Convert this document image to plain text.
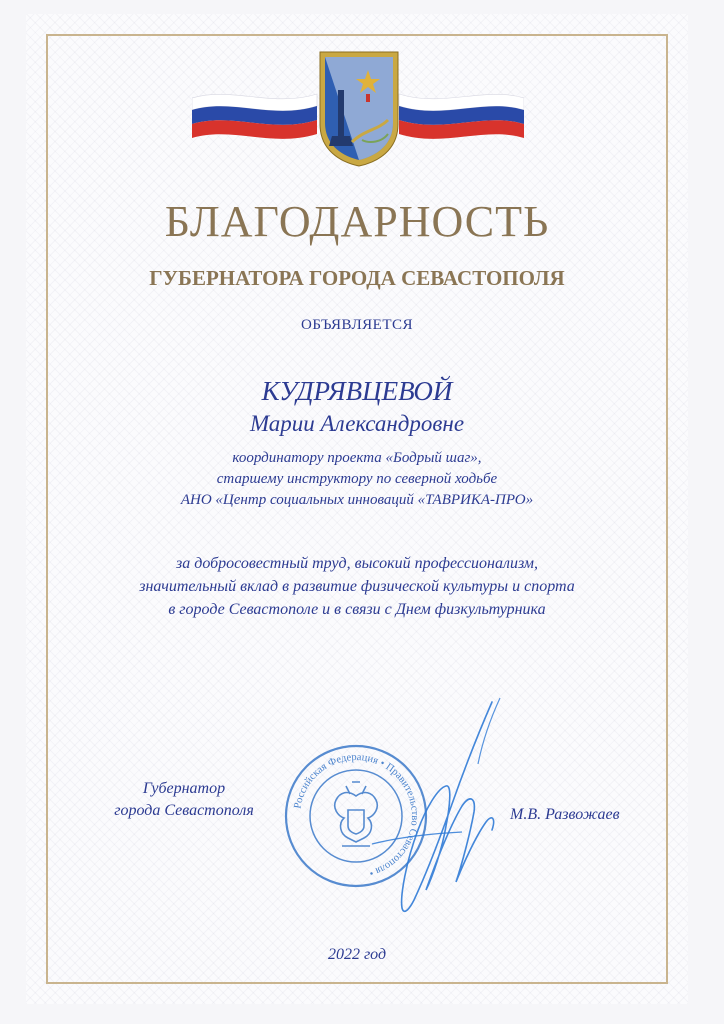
БЛАГОДАРНОСТЬ
ГУБЕРНАТОРА ГОРОДА СЕВАСТОПОЛЯ
ОБЪЯВЛЯЕТСЯ
КУДРЯВЦЕВОЙ
Марии Александровне
координатору проекта «Бодрый шаг»,
старшему инструктору по северной ходьбе
АНО «Центр социальных инноваций «ТАВРИКА-ПРО»
за добросовестный труд, высокий профессионализм,
значительный вклад в развитие физической культуры и спорта
в городе Севастополе и в связи с Днем физкультурника
Губернатор
города Севастополя	Российская Федерация • Правительство Севастополя •
М.В. Развожаев
2022 год
